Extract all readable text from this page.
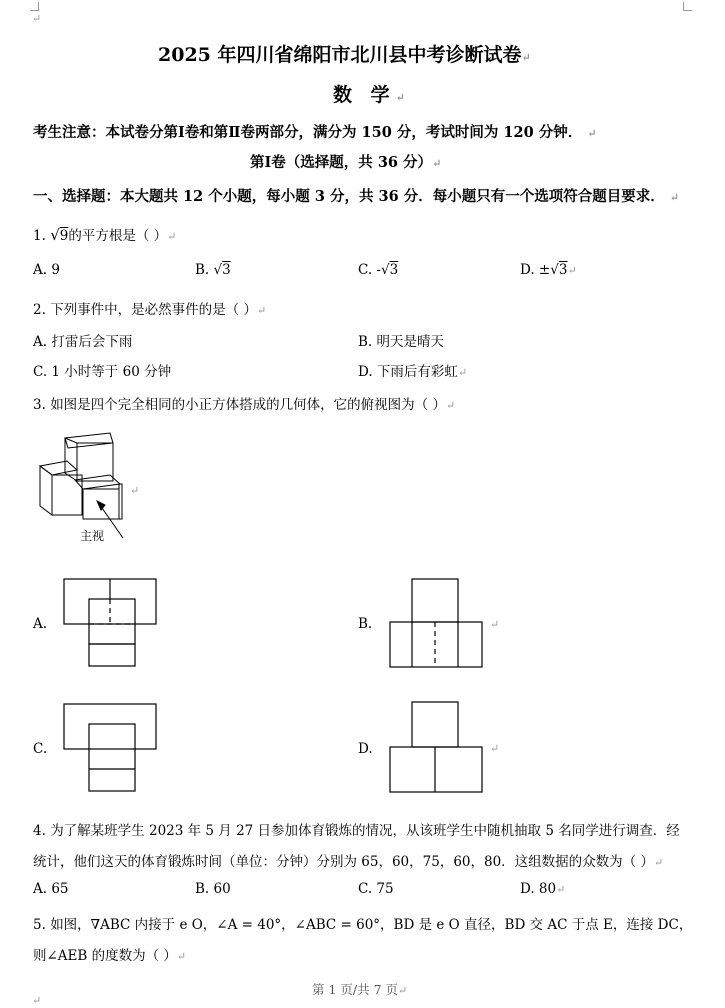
↵
2025 年四川省绵阳市北川县中考诊断试卷↵
数 学↵
考生注意：本试卷分第Ⅰ卷和第Ⅱ卷两部分，满分为 150 分，考试时间为 120 分钟． ↵
第Ⅰ卷（选择题，共 36 分）↵
一、选择题：本大题共 12 个小题，每小题 3 分，共 36 分．每小题只有一个选项符合题目要求． ↵
1. √9的平方根是（ ）↵
A. 9	B. √3	C. -√3	D. ±√3↵
2. 下列事件中，是必然事件的是（ ）↵
A. 打雷后会下雨	B. 明天是晴天
C. 1 小时等于 60 分钟	D. 下雨后有彩虹↵
3. 如图是四个完全相同的小正方体搭成的几何体，它的俯视图为（ ）↵
↵
主视
A.	B.	↵
C.	D.	↵
4. 为了解某班学生 2023 年 5 月 27 日参加体育锻炼的情况，从该班学生中随机抽取 5 名同学进行调查．经
统计，他们这天的体育锻炼时间（单位：分钟）分别为 65，60，75，60，80．这组数据的众数为（ ）↵
A. 65	B. 60	C. 75	D. 80↵
5. 如图，∇ABC 内接于 e O，∠A = 40°，∠ABC = 60°，BD 是 e O 直径，BD 交 AC 于点 E，连接 DC，
则∠AEB 的度数为（ ）↵
第 1 页/共 7 页↵
↵
